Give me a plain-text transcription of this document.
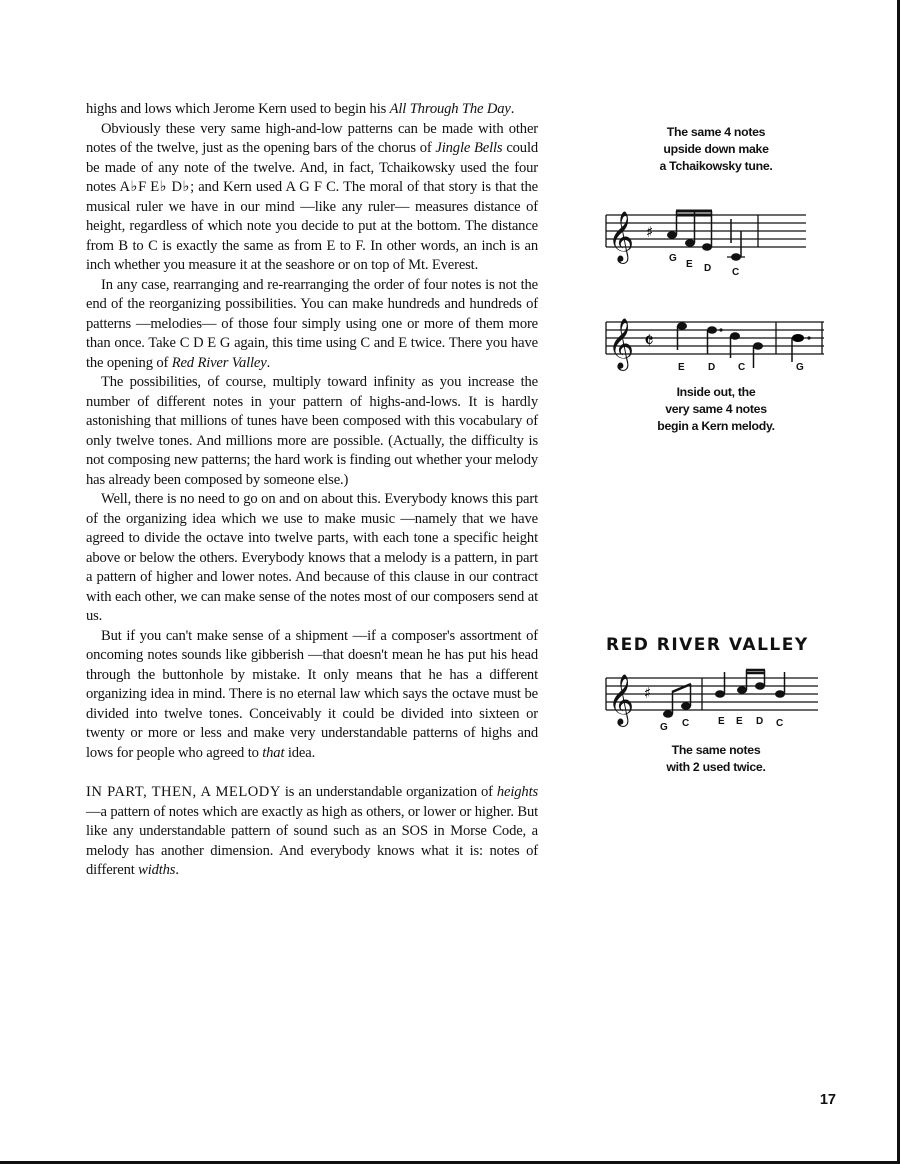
highs and lows which Jerome Kern used to begin his All Through The Day.

Obviously these very same high-and-low patterns can be made with other notes of the twelve, just as the opening bars of the chorus of Jingle Bells could be made of any note of the twelve. And, in fact, Tchaikowsky used the four notes A♭F E♭ D♭; and Kern used A G F C. The moral of that story is that the musical ruler we have in our mind —like any ruler— measures distance of height, regardless of which note you decide to put at the bottom. The distance from B to C is exactly the same as from E to F. In other words, an inch is an inch whether you measure it at the seashore or on top of Mt. Everest.

In any case, rearranging and re-rearranging the order of four notes is not the end of the reorganizing possibilities. You can make hundreds and hundreds of patterns —melodies— of those four simply using one or more of them more than once. Take C D E G again, this time using C and E twice. There you have the opening of Red River Valley.

The possibilities, of course, multiply toward infinity as you increase the number of different notes in your pattern of highs-and-lows. It is hardly astonishing that millions of tunes have been composed with this vocabulary of only twelve tones. And millions more are possible. (Actually, the difficulty is not composing new patterns; the hard work is finding out whether your melody has already been composed by someone else.)

Well, there is no need to go on and on about this. Everybody knows this part of the organizing idea which we use to make music —namely that we have agreed to divide the octave into twelve parts, with each tone a specific height above or below the others. Everybody knows that a melody is a pattern, in part a pattern of higher and lower notes. And because of this clause in our contract with each other, we can make sense of the notes most of our composers send at us.

But if you can't make sense of a shipment —if a composer's assortment of oncoming notes sounds like gibberish —that doesn't mean he has put his head through the buttonhole by mistake. It only means that he has a different organizing idea in mind. There is no eternal law which says the octave must be divided into twelve tones. Conceivably it could be divided into sixteen or twenty or more or less and make very understandable patterns of highs and lows for people who agreed to that idea.

IN PART, THEN, A MELODY is an understandable organization of heights —a pattern of notes which are exactly as high as others, or lower or higher. But like any understandable pattern of sound such as an SOS in Morse Code, a melody has another dimension. And everybody knows what it is: notes of different widths.

The same 4 notes
upside down make
a Tchaikowsky tune.
𝄞 ♯
G
E D C
𝄞 𝄵
E D C	G
Inside out, the
very same 4 notes
begin a Kern melody.
RED RIVER VALLEY
𝄞 ♯
G C	E E D C
The same notes
with 2 used twice.
17
